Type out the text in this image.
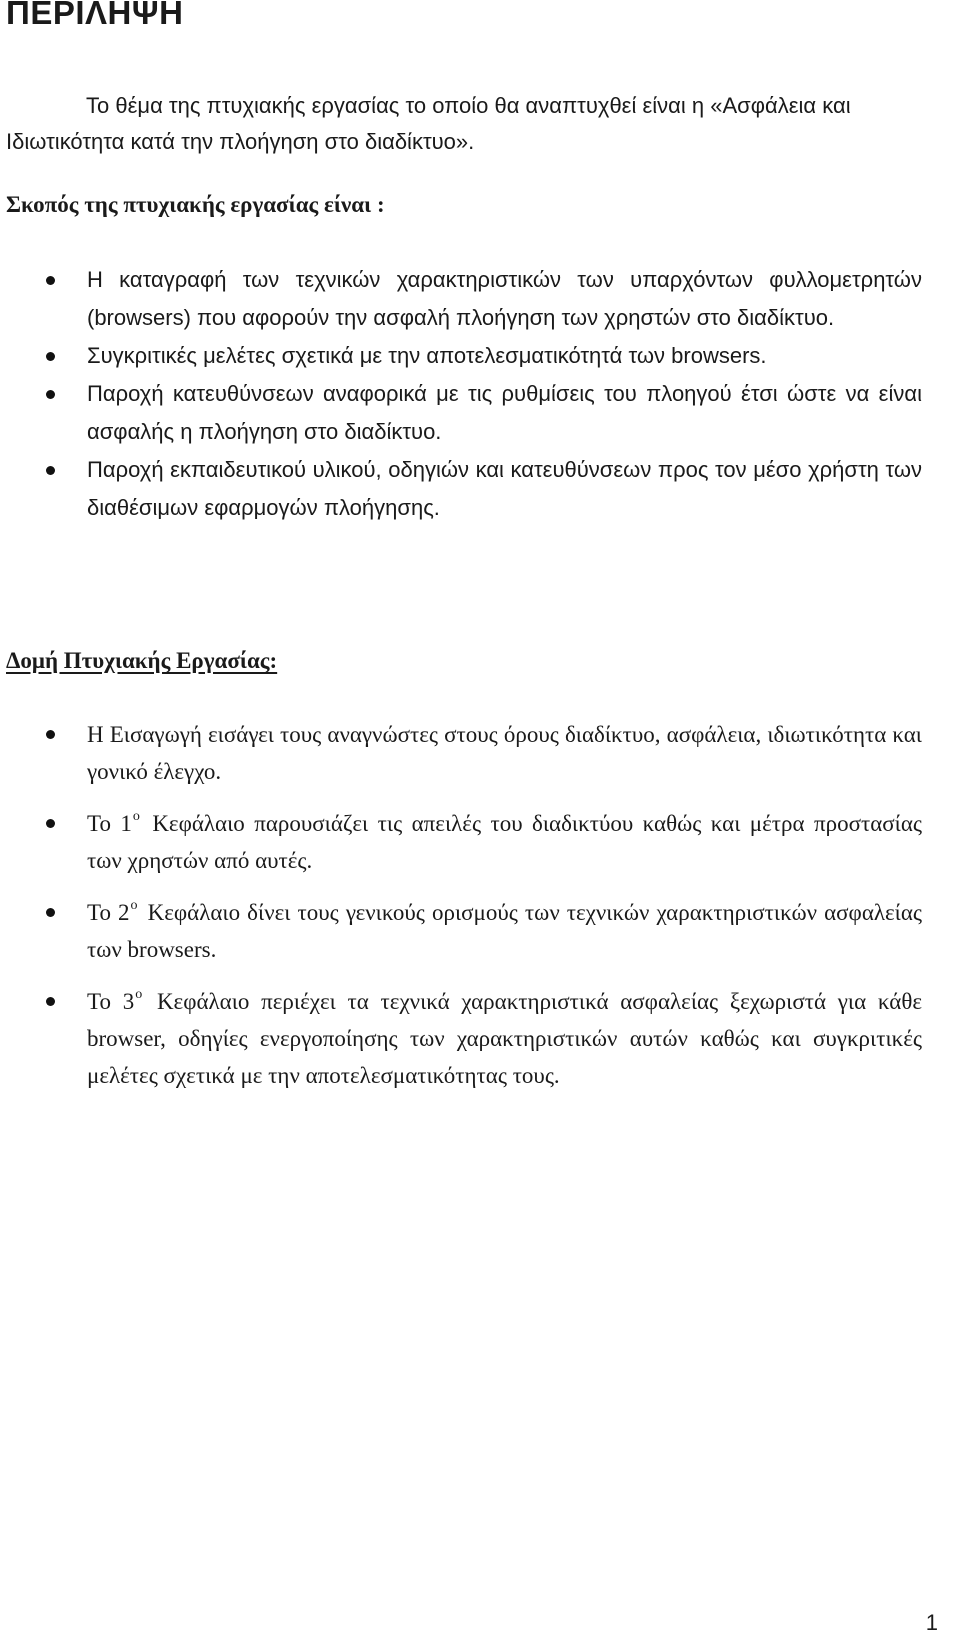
ΠΕΡΙΛΗΨΗ

Το θέμα της πτυχιακής εργασίας το οποίο θα αναπτυχθεί είναι η «Ασφάλεια και Ιδιωτικότητα κατά την πλοήγηση στο διαδίκτυο».

Σκοπός της πτυχιακής εργασίας είναι :
Η καταγραφή των τεχνικών χαρακτηριστικών των υπαρχόντων φυλλομετρητών (browsers) που αφορούν την ασφαλή πλοήγηση των χρηστών στο διαδίκτυο.
Συγκριτικές μελέτες σχετικά με την αποτελεσματικότητά των browsers.
Παροχή κατευθύνσεων αναφορικά με τις ρυθμίσεις του πλοηγού έτσι ώστε να είναι ασφαλής η πλοήγηση στο διαδίκτυο.
Παροχή εκπαιδευτικού υλικού, οδηγιών και κατευθύνσεων προς τον μέσο χρήστη των διαθέσιμων εφαρμογών πλοήγησης.
Δομή Πτυχιακής Εργασίας:
Η Εισαγωγή εισάγει τους αναγνώστες στους όρους διαδίκτυο, ασφάλεια, ιδιωτικότητα και γονικό έλεγχο.
Το $1^o$ Κεφάλαιο παρουσιάζει τις απειλές του διαδικτύου καθώς και μέτρα προστασίας των χρηστών από αυτές.
Το $2^o$ Κεφάλαιο δίνει τους γενικούς ορισμούς των τεχνικών χαρακτηριστικών ασφαλείας των browsers.
Το $3^o$ Κεφάλαιο περιέχει τα τεχνικά χαρακτηριστικά ασφαλείας ξεχωριστά για κάθε browser, οδηγίες ενεργοποίησης των χαρακτηριστικών αυτών καθώς και συγκριτικές μελέτες σχετικά με την αποτελεσματικότητας τους.
1
